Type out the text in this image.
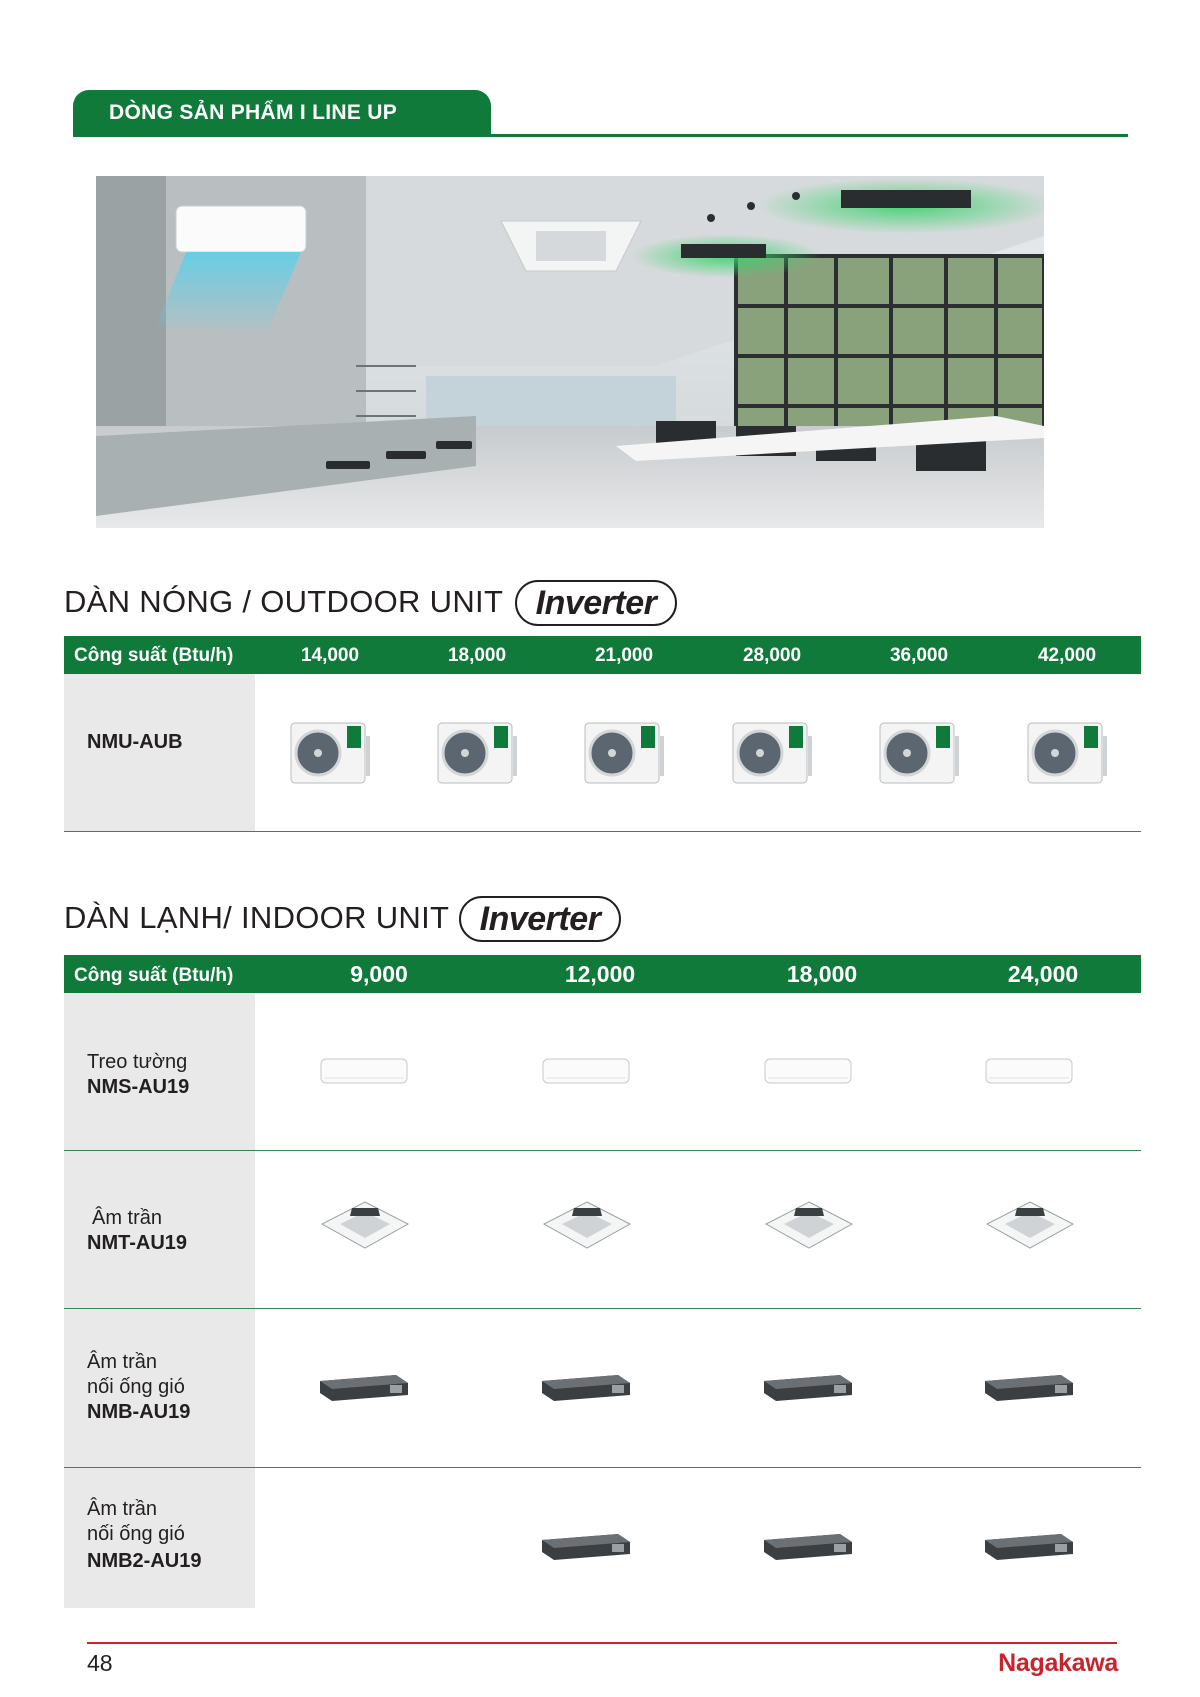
DÒNG SẢN PHẨM I LINE UP
DÀN NÓNG / OUTDOOR UNIT Inverter
Công suất (Btu/h)	14,000	18,000	21,000	28,000	36,000	42,000
NMU-AUB
DÀN LẠNH/ INDOOR UNIT Inverter
Công suất (Btu/h)	9,000	12,000	18,000	24,000
Treo tường
NMS-AU19
Âm trần
NMT-AU19
Âm trần
nối ống gió
NMB-AU19
Âm trần
nối ống gió
NMB2-AU19
48	Nagakawa
